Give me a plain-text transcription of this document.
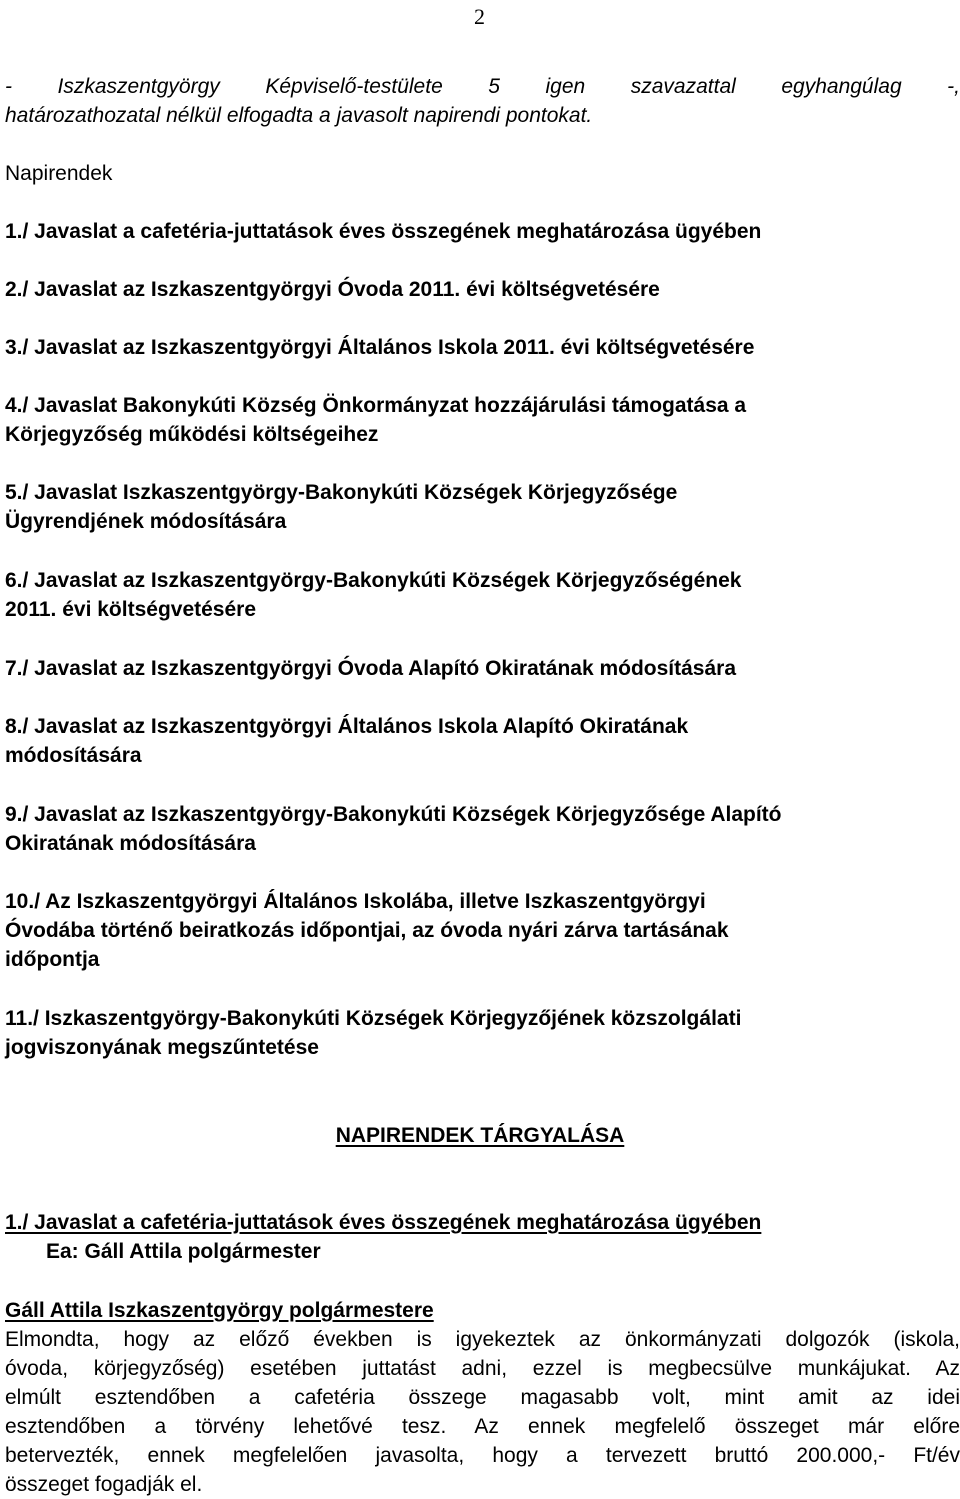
2
- Iszkaszentgyörgy Képviselő-testülete 5 igen szavazattal egyhangúlag -,
határozathozatal nélkül elfogadta a javasolt napirendi pontokat.
Napirendek
1./ Javaslat a cafetéria-juttatások éves összegének meghatározása ügyében
2./ Javaslat az Iszkaszentgyörgyi Óvoda 2011. évi költségvetésére
3./ Javaslat az Iszkaszentgyörgyi Általános Iskola 2011. évi költségvetésére
4./ Javaslat Bakonykúti Község Önkormányzat hozzájárulási támogatása a
Körjegyzőség működési költségeihez
5./ Javaslat Iszkaszentgyörgy-Bakonykúti Községek Körjegyzősége
Ügyrendjének módosítására
6./ Javaslat az Iszkaszentgyörgy-Bakonykúti Községek Körjegyzőségének
2011. évi költségvetésére
7./ Javaslat az Iszkaszentgyörgyi Óvoda Alapító Okiratának módosítására
8./ Javaslat az Iszkaszentgyörgyi Általános Iskola Alapító Okiratának
módosítására
9./ Javaslat az Iszkaszentgyörgy-Bakonykúti Községek Körjegyzősége Alapító
Okiratának módosítására
10./ Az Iszkaszentgyörgyi Általános Iskolába, illetve Iszkaszentgyörgyi
Óvodába történő beiratkozás időpontjai, az óvoda nyári zárva tartásának
időpontja
11./ Iszkaszentgyörgy-Bakonykúti Községek Körjegyzőjének közszolgálati
jogviszonyának megszűntetése
NAPIRENDEK TÁRGYALÁSA
1./ Javaslat a cafetéria-juttatások éves összegének meghatározása ügyében
Ea: Gáll Attila polgármester
Gáll Attila Iszkaszentgyörgy polgármestere
Elmondta, hogy az előző években is igyekeztek az önkormányzati dolgozók (iskola,
óvoda, körjegyzőség) esetében juttatást adni, ezzel is megbecsülve munkájukat. Az
elmúlt esztendőben a cafetéria összege magasabb volt, mint amit az idei
esztendőben a törvény lehetővé tesz. Az ennek megfelelő összeget már előre
betervezték, ennek megfelelően javasolta, hogy a tervezett bruttó 200.000,- Ft/év
összeget fogadják el.
